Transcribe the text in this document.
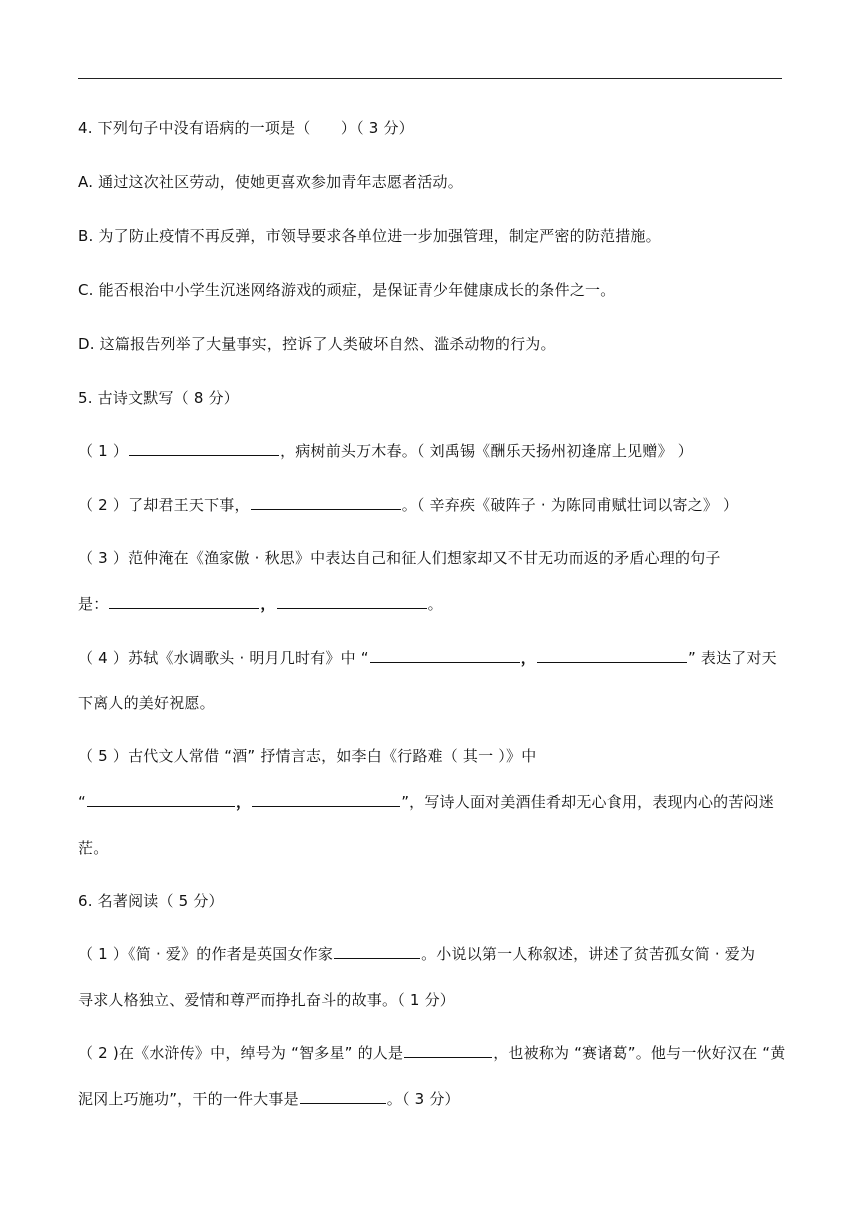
4. 下列句子中没有语病的一项是（　　）（ 3 分）
A. 通过这次社区劳动，使她更喜欢参加青年志愿者活动。
B. 为了防止疫情不再反弹，市领导要求各单位进一步加强管理，制定严密的防范措施。
C. 能否根治中小学生沉迷网络游戏的顽症，是保证青少年健康成长的条件之一。
D. 这篇报告列举了大量事实，控诉了人类破坏自然、滥杀动物的行为。
5. 古诗文默写（ 8 分）
（ 1 ）	，病树前头万木春。（ 刘禹锡《酬乐天扬州初逢席上见赠》 ）
（ 2 ）了却君王天下事，	。（ 辛弃疾《破阵子 · 为陈同甫赋壮词以寄之》 ）
（ 3 ）范仲淹在《渔家傲 · 秋思》中表达自己和征人们想家却又不甘无功而返的矛盾心理的句子
是：	，	。
（ 4 ）苏轼《水调歌头 · 明月几时有》中 “	，	” 表达了对天
下离人的美好祝愿。
（ 5 ）古代文人常借 “酒” 抒情言志，如李白《行路难（ 其一 ）》中
“	，	”，写诗人面对美酒佳肴却无心食用，表现内心的苦闷迷
茫。
6. 名著阅读（ 5 分）
（ 1 ）《简 · 爱》的作者是英国女作家	。小说以第一人称叙述，讲述了贫苦孤女简 · 爱为
寻求人格独立、爱情和尊严而挣扎奋斗的故事。（ 1 分）
（ 2 )在《水浒传》中，绰号为 “智多星” 的人是	，也被称为 “赛诸葛”。他与一伙好汉在 “黄
泥冈上巧施功”，干的一件大事是	。（ 3 分）
